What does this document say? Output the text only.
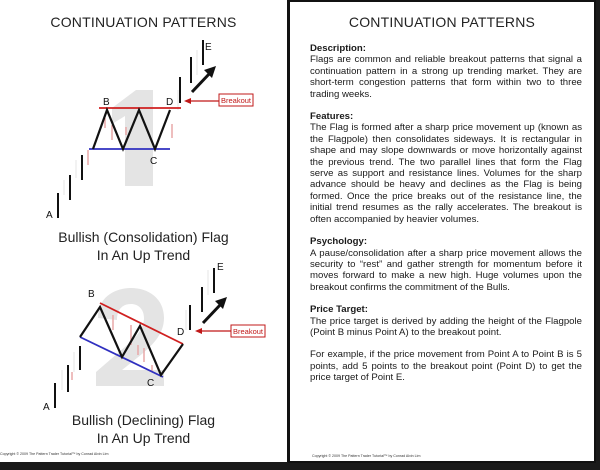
CONTINUATION PATTERNS
A
B
C
D
E
Breakout
A
B
C
D
E
Breakout
Bullish (Consolidation) Flag
In An Up Trend
Bullish (Declining) Flag
In An Up Trend
Copyright © 2009 The Pattern Trader Tutorial™ by Conrad Alvin Lim
CONTINUATION PATTERNS
Description:
Flags are common and reliable breakout patterns that signal a continuation pattern in a strong up trending market. They are short-term congestion patterns that form within two to three trading weeks.
Features:
The Flag is formed after a sharp price movement up (known as the Flagpole) then consolidates sideways. It is rectangular in shape and may slope downwards or move horizontally against the previous trend. The two parallel lines that form the Flag serve as support and resistance lines. Volumes for the sharp advance should be heavy and declines as the Flag is being formed. Once the price breaks out of the resistance line, the initial trend resumes as the rally accelerates. The breakout is often accompanied by heavier volumes.
Psychology:
A pause/consolidation after a sharp price movement allows the security to “rest” and gather strength for momentum before it moves forward to make a new high. Huge volumes upon the breakout confirms the commitment of the Bulls.
Price Target:
The price target is derived by adding the height of the Flagpole (Point B minus Point A) to the breakout point.
For example, if the price movement from Point A to Point B is 5 points, add 5 points to the breakout point (Point D) to get the price target of Point E.
Copyright © 2009 The Pattern Trader Tutorial™ by Conrad Alvin Lim
